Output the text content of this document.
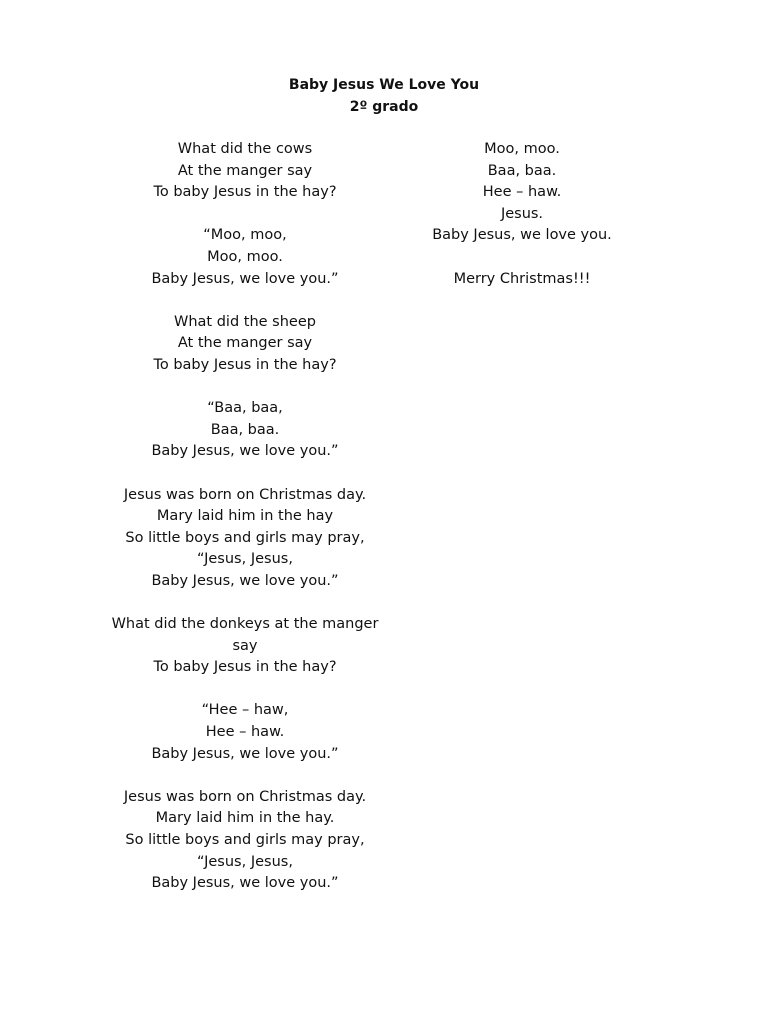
Baby Jesus We Love You
2º grado
What did the cows
At the manger say
To baby Jesus in the hay?
“Moo, moo,
Moo, moo.
Baby Jesus, we love you.”
What did the sheep
At the manger say
To baby Jesus in the hay?
“Baa, baa,
Baa, baa.
Baby Jesus, we love you.”
Jesus was born on Christmas day.
Mary laid him in the hay
So little boys and girls may pray,
“Jesus, Jesus,
Baby Jesus, we love you.”
What did the donkeys at the manger
say
To baby Jesus in the hay?
“Hee – haw,
Hee – haw.
Baby Jesus, we love you.”
Jesus was born on Christmas day.
Mary laid him in the hay.
So little boys and girls may pray,
“Jesus, Jesus,
Baby Jesus, we love you.”
Moo, moo.
Baa, baa.
Hee – haw.
Jesus.
Baby Jesus, we love you.
Merry Christmas!!!
